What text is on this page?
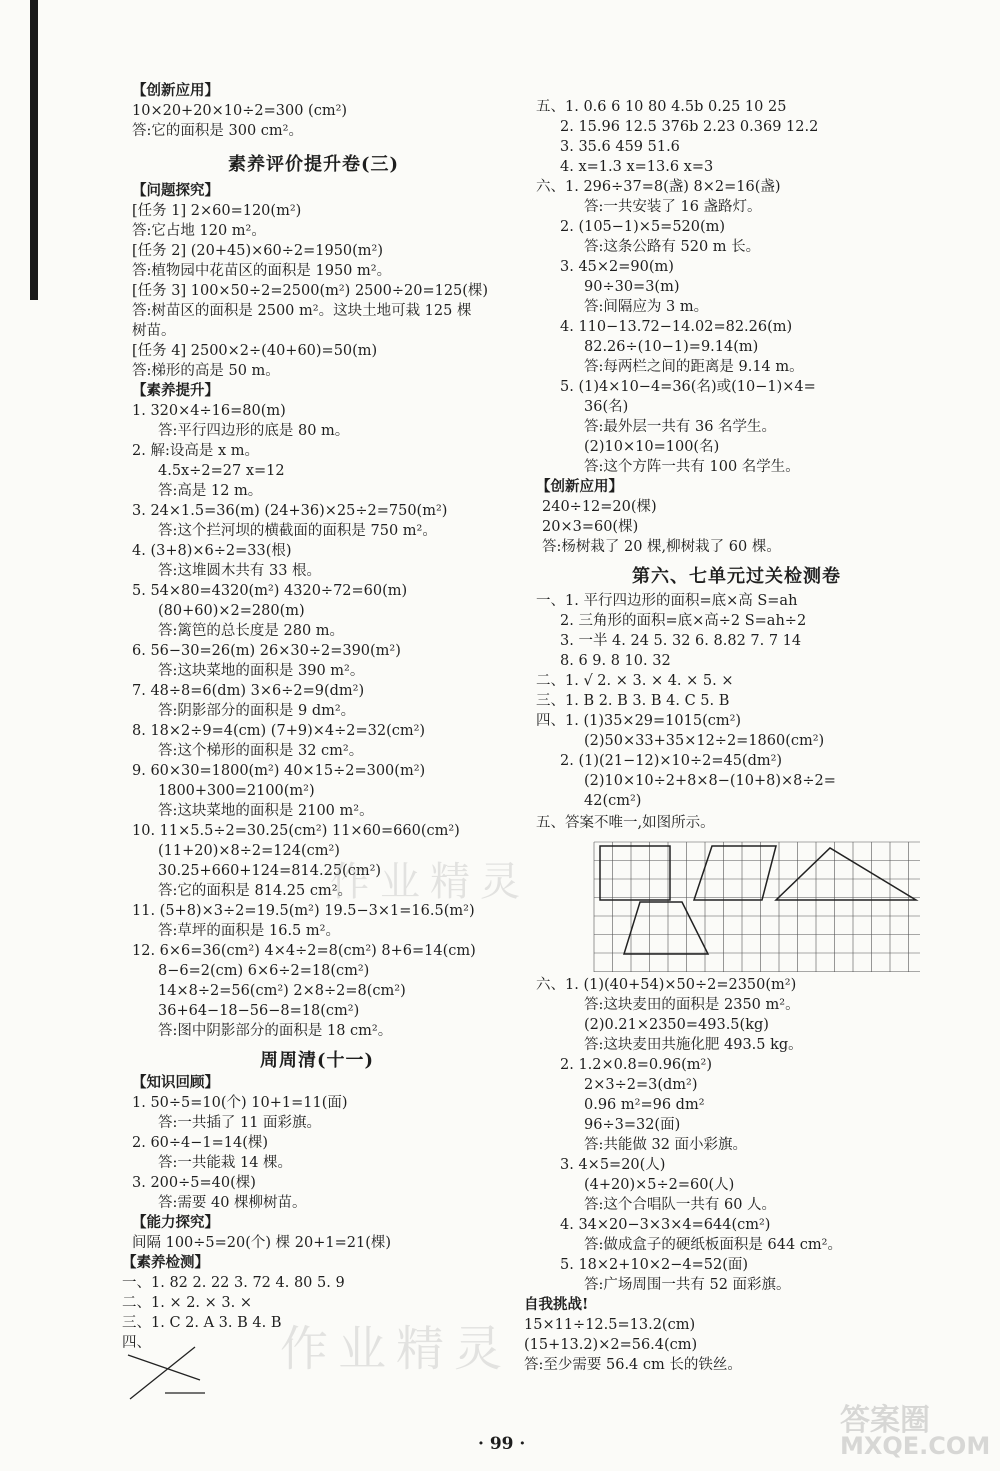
【创新应用】
10×20+20×10÷2=300 (cm²)
答:它的面积是 300 cm²。
素养评价提升卷(三)
【问题探究】
[任务 1] 2×60=120(m²)
答:它占地 120 m²。
[任务 2] (20+45)×60÷2=1950(m²)
答:植物园中花苗区的面积是 1950 m²。
[任务 3] 100×50÷2=2500(m²) 2500÷20=125(棵)
答:树苗区的面积是 2500 m²。这块土地可栽 125 棵
树苗。
[任务 4] 2500×2÷(40+60)=50(m)
答:梯形的高是 50 m。
【素养提升】
1. 320×4÷16=80(m)
答:平行四边形的底是 80 m。
2. 解:设高是 x m。
4.5x÷2=27 x=12
答:高是 12 m。
3. 24×1.5=36(m) (24+36)×25÷2=750(m²)
答:这个拦河坝的横截面的面积是 750 m²。
4. (3+8)×6÷2=33(根)
答:这堆圆木共有 33 根。
5. 54×80=4320(m²) 4320÷72=60(m)
(80+60)×2=280(m)
答:篱笆的总长度是 280 m。
6. 56−30=26(m) 26×30÷2=390(m²)
答:这块菜地的面积是 390 m²。
7. 48÷8=6(dm) 3×6÷2=9(dm²)
答:阴影部分的面积是 9 dm²。
8. 18×2÷9=4(cm) (7+9)×4÷2=32(cm²)
答:这个梯形的面积是 32 cm²。
9. 60×30=1800(m²) 40×15÷2=300(m²)
1800+300=2100(m²)
答:这块菜地的面积是 2100 m²。
10. 11×5.5÷2=30.25(cm²) 11×60=660(cm²)
(11+20)×8÷2=124(cm²)
30.25+660+124=814.25(cm²)
答:它的面积是 814.25 cm²。
11. (5+8)×3÷2=19.5(m²) 19.5−3×1=16.5(m²)
答:草坪的面积是 16.5 m²。
12. 6×6=36(cm²) 4×4÷2=8(cm²) 8+6=14(cm)
8−6=2(cm) 6×6÷2=18(cm²)
14×8÷2=56(cm²) 2×8÷2=8(cm²)
36+64−18−56−8=18(cm²)
答:图中阴影部分的面积是 18 cm²。
周周清(十一)
【知识回顾】
1. 50÷5=10(个) 10+1=11(面)
答:一共插了 11 面彩旗。
2. 60÷4−1=14(棵)
答:一共能栽 14 棵。
3. 200÷5=40(棵)
答:需要 40 棵柳树苗。
【能力探究】
间隔 100÷5=20(个) 棵 20+1=21(棵)
【素养检测】
一、1. 82 2. 22 3. 72 4. 80 5. 9
二、1. × 2. × 3. ×
三、1. C 2. A 3. B 4. B
四、
五、1. 0.6 6 10 80 4.5b 0.25 10 25
2. 15.96 12.5 376b 2.23 0.369 12.2
3. 35.6 459 51.6
4. x=1.3 x=13.6 x=3
六、1. 296÷37=8(盏) 8×2=16(盏)
答:一共安装了 16 盏路灯。
2. (105−1)×5=520(m)
答:这条公路有 520 m 长。
3. 45×2=90(m)
90÷30=3(m)
答:间隔应为 3 m。
4. 110−13.72−14.02=82.26(m)
82.26÷(10−1)=9.14(m)
答:每两栏之间的距离是 9.14 m。
5. (1)4×10−4=36(名)或(10−1)×4=
36(名)
答:最外层一共有 36 名学生。
(2)10×10=100(名)
答:这个方阵一共有 100 名学生。
【创新应用】
240÷12=20(棵)
20×3=60(棵)
答:杨树栽了 20 棵,柳树栽了 60 棵。
第六、七单元过关检测卷
一、1. 平行四边形的面积=底×高 S=ah
2. 三角形的面积=底×高÷2 S=ah÷2
3. 一半 4. 24 5. 32 6. 8.82 7. 7 14
8. 6 9. 8 10. 32
二、1. √ 2. × 3. × 4. × 5. ×
三、1. B 2. B 3. B 4. C 5. B
四、1. (1)35×29=1015(cm²)
(2)50×33+35×12÷2=1860(cm²)
2. (1)(21−12)×10÷2=45(dm²)
(2)10×10÷2+8×8−(10+8)×8÷2=
42(cm²)
五、答案不唯一,如图所示。
六、1. (1)(40+54)×50÷2=2350(m²)
答:这块麦田的面积是 2350 m²。
(2)0.21×2350=493.5(kg)
答:这块麦田共施化肥 493.5 kg。
2. 1.2×0.8=0.96(m²)
2×3÷2=3(dm²)
0.96 m²=96 dm²
96÷3=32(面)
答:共能做 32 面小彩旗。
3. 4×5=20(人)
(4+20)×5÷2=60(人)
答:这个合唱队一共有 60 人。
4. 34×20−3×3×4=644(cm²)
答:做成盒子的硬纸板面积是 644 cm²。
5. 18×2+10×2−4=52(面)
答:广场周围一共有 52 面彩旗。
自我挑战!
15×11÷12.5=13.2(cm)
(15+13.2)×2=56.4(cm)
答:至少需要 56.4 cm 长的铁丝。
· 99 ·
作业精灵
作业精灵
答案圈
MXQE.COM
